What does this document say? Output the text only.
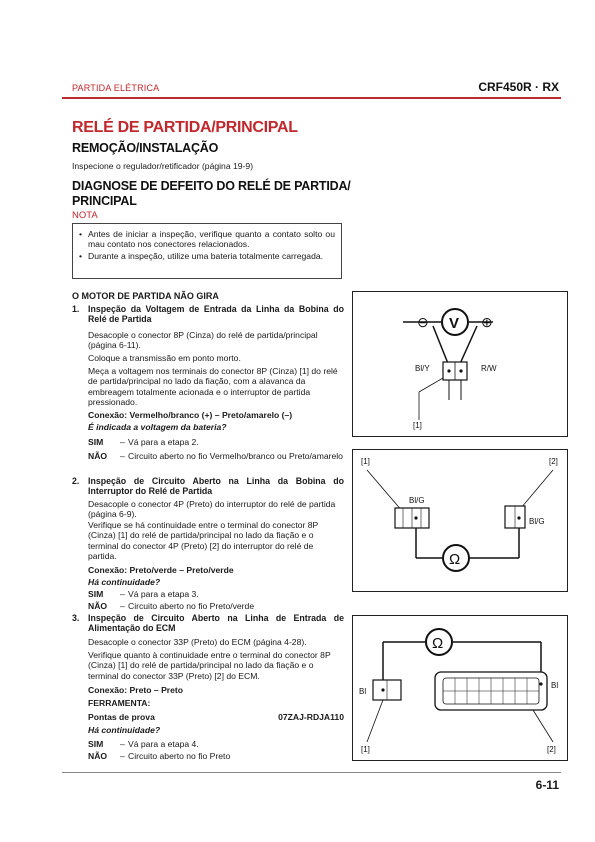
PARTIDA ELÉTRICA	CRF450R · RX
RELÉ DE PARTIDA/PRINCIPAL
REMOÇÃO/INSTALAÇÃO
Inspecione o regulador/retificador (página 19-9)
DIAGNOSE DE DEFEITO DO RELÉ DE PARTIDA/
PRINCIPAL
NOTA
• Antes de iniciar a inspeção, verifique quanto a contato solto ou mau contato nos conectores relacionados.
• Durante a inspeção, utilize uma bateria totalmente carregada.
O MOTOR DE PARTIDA NÃO GIRA
1. Inspeção da Voltagem de Entrada da Linha da Bobina do Relé de Partida
Desacople o conector 8P (Cinza) do relé de partida/principal (página 6-11).
Coloque a transmissão em ponto morto.
Meça a voltagem nos terminais do conector 8P (Cinza) [1] do relé de partida/principal no lado da fiação, com a alavanca da embreagem totalmente acionada e o interruptor de partida pressionado.
Conexão: Vermelho/branco (+) – Preto/amarelo (–)
É indicada a voltagem da bateria?
SIM – Vá para a etapa 2.
NÃO – Circuito aberto no fio Vermelho/branco ou Preto/amarelo
2. Inspeção de Circuito Aberto na Linha da Bobina do Interruptor do Relé de Partida
Desacople o conector 4P (Preto) do interruptor do relé de partida (página 6-9).
Verifique se há continuidade entre o terminal do conector 8P (Cinza) [1] do relé de partida/principal no lado da fiação e o terminal do conector 4P (Preto) [2] do interruptor do relé de partida.
Conexão: Preto/verde – Preto/verde
Há continuidade?
SIM – Vá para a etapa 3.
NÃO – Circuito aberto no fio Preto/verde
3. Inspeção de Circuito Aberto na Linha de Entrada de Alimentação do ECM
Desacople o conector 33P (Preto) do ECM (página 4-28).
Verifique quanto à continuidade entre o terminal do conector 8P (Cinza) [1] do relé de partida/principal no lado da fiação e o terminal do conector 33P (Preto) [2] do ECM.
Conexão: Preto – Preto
FERRAMENTA:
Pontas de prova	07ZAJ-RDJA110
Há continuidade?
SIM – Vá para a etapa 4.
NÃO – Circuito aberto no fio Preto
⊖ V ⊕
Bl/Y	R/W
[1]
[1]	[2]
Bl/G
Bl/G
Ω
Ω
Bl
Bl
[1]	[2]
6-11
